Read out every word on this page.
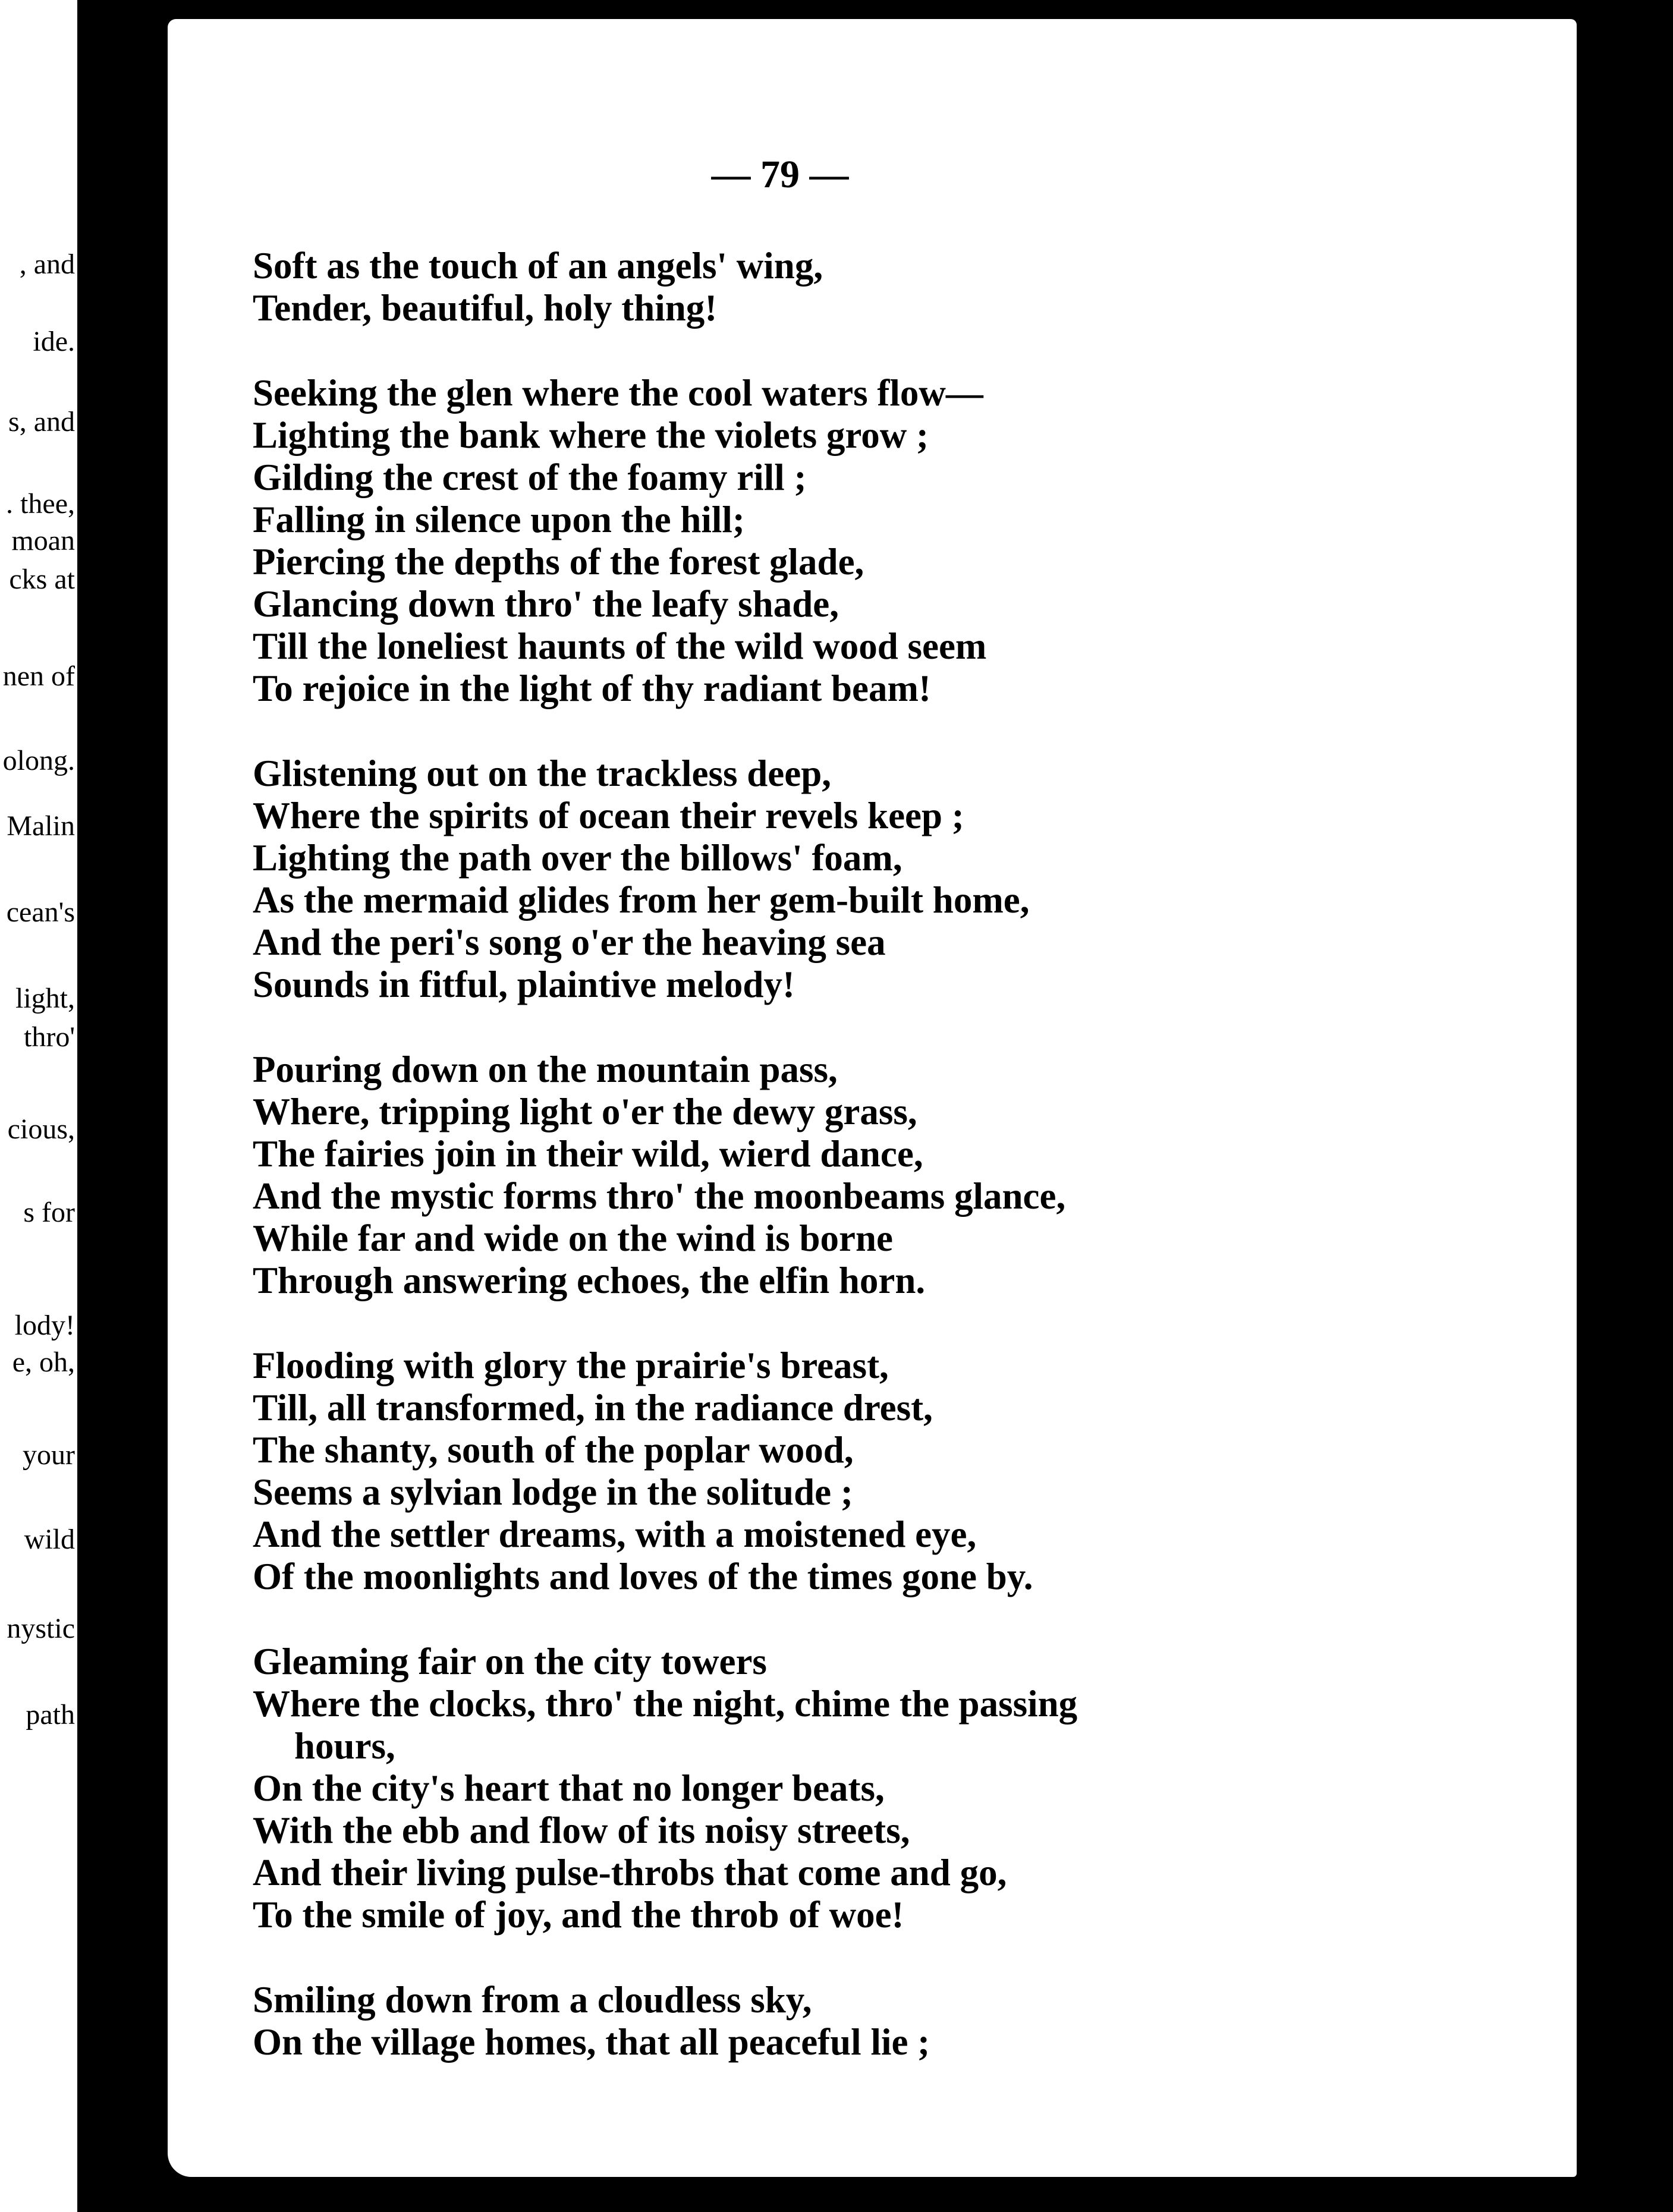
, and
ide.
s, and
. thee,
moan
cks at
nen of
olong.
Malin
cean's
light,
thro'
cious,
s for
lody!
e, oh,
your
wild
nystic
path
— 79 —
Soft as the touch of an angels' wing,
Tender, beautiful, holy thing!
Seeking the glen where the cool waters flow—
Lighting the bank where the violets grow ;
Gilding the crest of the foamy rill ;
Falling in silence upon the hill;
Piercing the depths of the forest glade,
Glancing down thro' the leafy shade,
Till the loneliest haunts of the wild wood seem
To rejoice in the light of thy radiant beam!
Glistening out on the trackless deep,
Where the spirits of ocean their revels keep ;
Lighting the path over the billows' foam,
As the mermaid glides from her gem-built home,
And the peri's song o'er the heaving sea
Sounds in fitful, plaintive melody!
Pouring down on the mountain pass,
Where, tripping light o'er the dewy grass,
The fairies join in their wild, wierd dance,
And the mystic forms thro' the moonbeams glance,
While far and wide on the wind is borne
Through answering echoes, the elfin horn.
Flooding with glory the prairie's breast,
Till, all transformed, in the radiance drest,
The shanty, south of the poplar wood,
Seems a sylvian lodge in the solitude ;
And the settler dreams, with a moistened eye,
Of the moonlights and loves of the times gone by.
Gleaming fair on the city towers
Where the clocks, thro' the night, chime the passing
hours,
On the city's heart that no longer beats,
With the ebb and flow of its noisy streets,
And their living pulse-throbs that come and go,
To the smile of joy, and the throb of woe!
Smiling down from a cloudless sky,
On the village homes, that all peaceful lie ;
